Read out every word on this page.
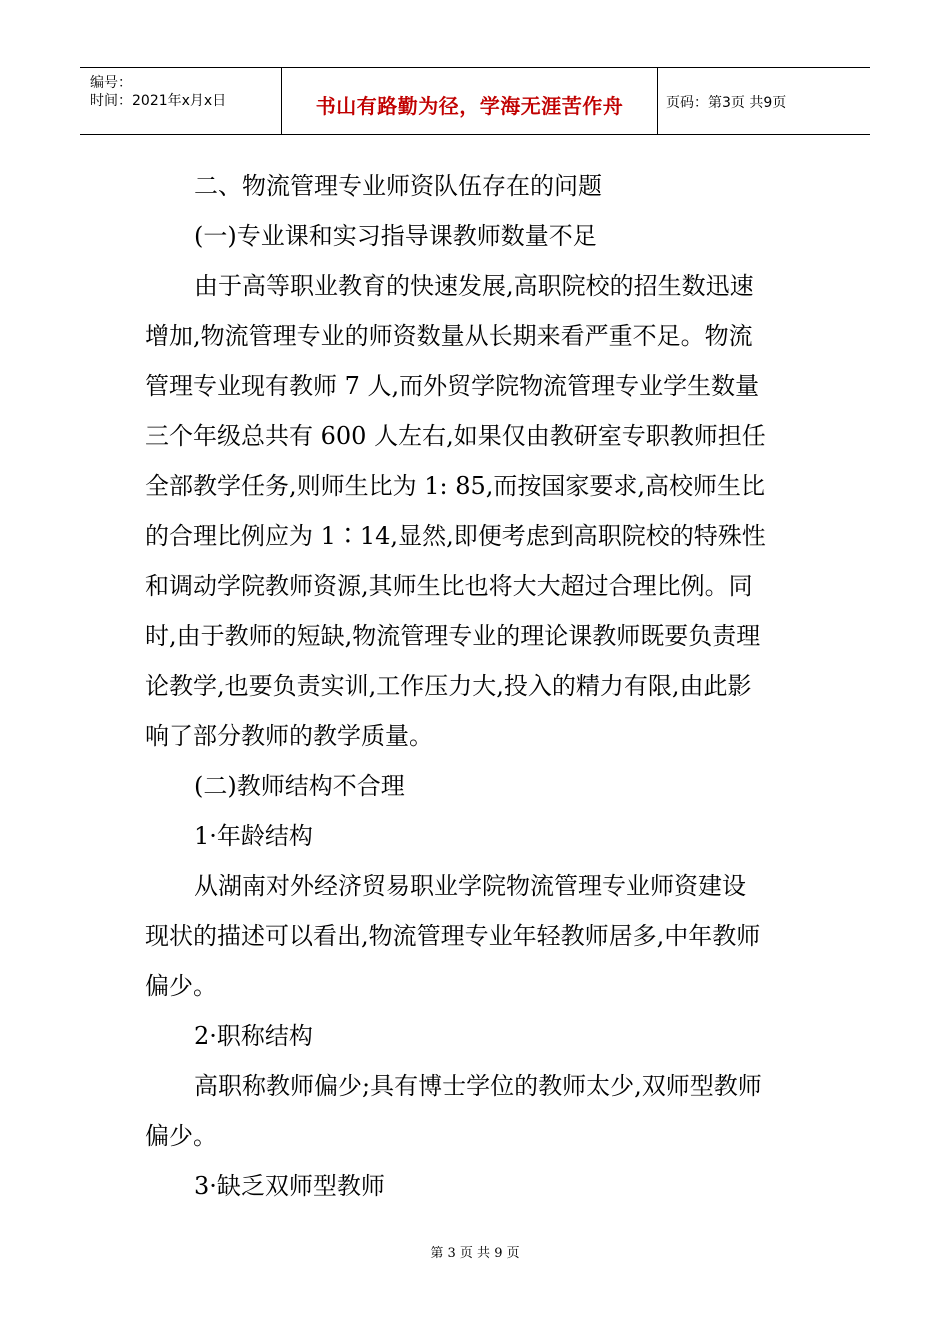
编号：
时间：2021年x月x日	书山有路勤为径，学海无涯苦作舟	页码：第3页 共9页
二、物流管理专业师资队伍存在的问题
(一)专业课和实习指导课教师数量不足
由于高等职业教育的快速发展,高职院校的招生数迅速
增加,物流管理专业的师资数量从长期来看严重不足。物流
管理专业现有教师 7 人,而外贸学院物流管理专业学生数量
三个年级总共有 600 人左右,如果仅由教研室专职教师担任
全部教学任务,则师生比为 1: 85,而按国家要求,高校师生比
的合理比例应为 1∶14,显然,即便考虑到高职院校的特殊性
和调动学院教师资源,其师生比也将大大超过合理比例。同
时,由于教师的短缺,物流管理专业的理论课教师既要负责理
论教学,也要负责实训,工作压力大,投入的精力有限,由此影
响了部分教师的教学质量。
(二)教师结构不合理
1·年龄结构
从湖南对外经济贸易职业学院物流管理专业师资建设
现状的描述可以看出,物流管理专业年轻教师居多,中年教师
偏少。
2·职称结构
高职称教师偏少;具有博士学位的教师太少,双师型教师
偏少。
3·缺乏双师型教师
第 3 页 共 9 页
